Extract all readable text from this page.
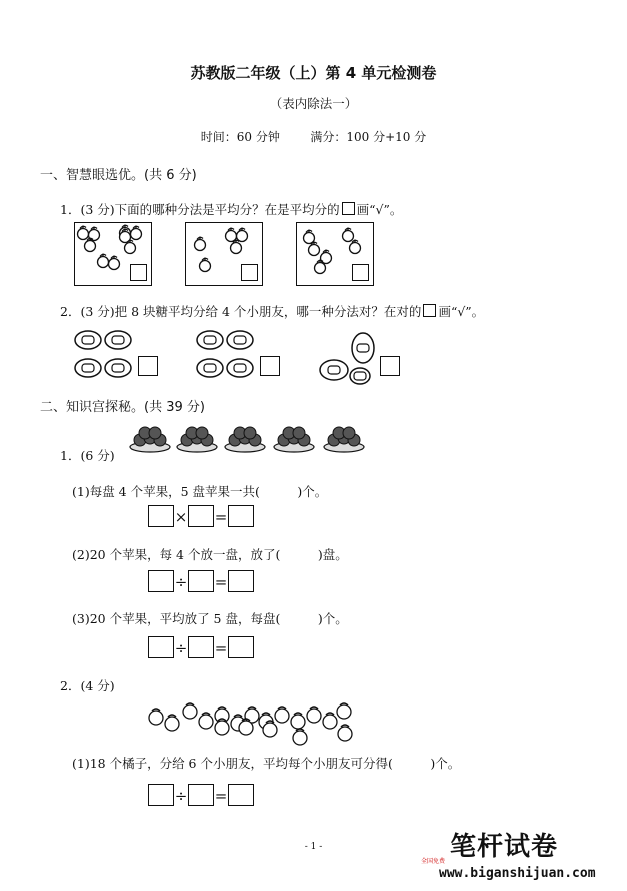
苏教版二年级（上）第 4 单元检测卷
（表内除法一）
时间：60 分钟	满分：100 分+10 分
一、智慧眼选优。(共 6 分)
1．(3 分)下面的哪种分法是平均分？在是平均分的 画“√”。
2．(3 分)把 8 块糖平均分给 4 个小朋友，哪一种分法对？在对的 画“√”。
二、知识宫探秘。(共 39 分)
1．(6 分)
(1)每盘 4 个苹果，5 盘苹果一共(　　　)个。
× =
(2)20 个苹果，每 4 个放一盘，放了(　　　)盘。
÷ =
(3)20 个苹果，平均放了 5 盘，每盘(　　　)个。
÷ =
2．(4 分)
(1)18 个橘子，分给 6 个小朋友，平均每个小朋友可分得(　　　)个。
÷ =
- 1 -	笔杆试卷
全国免费
www.biganshijuan.com
